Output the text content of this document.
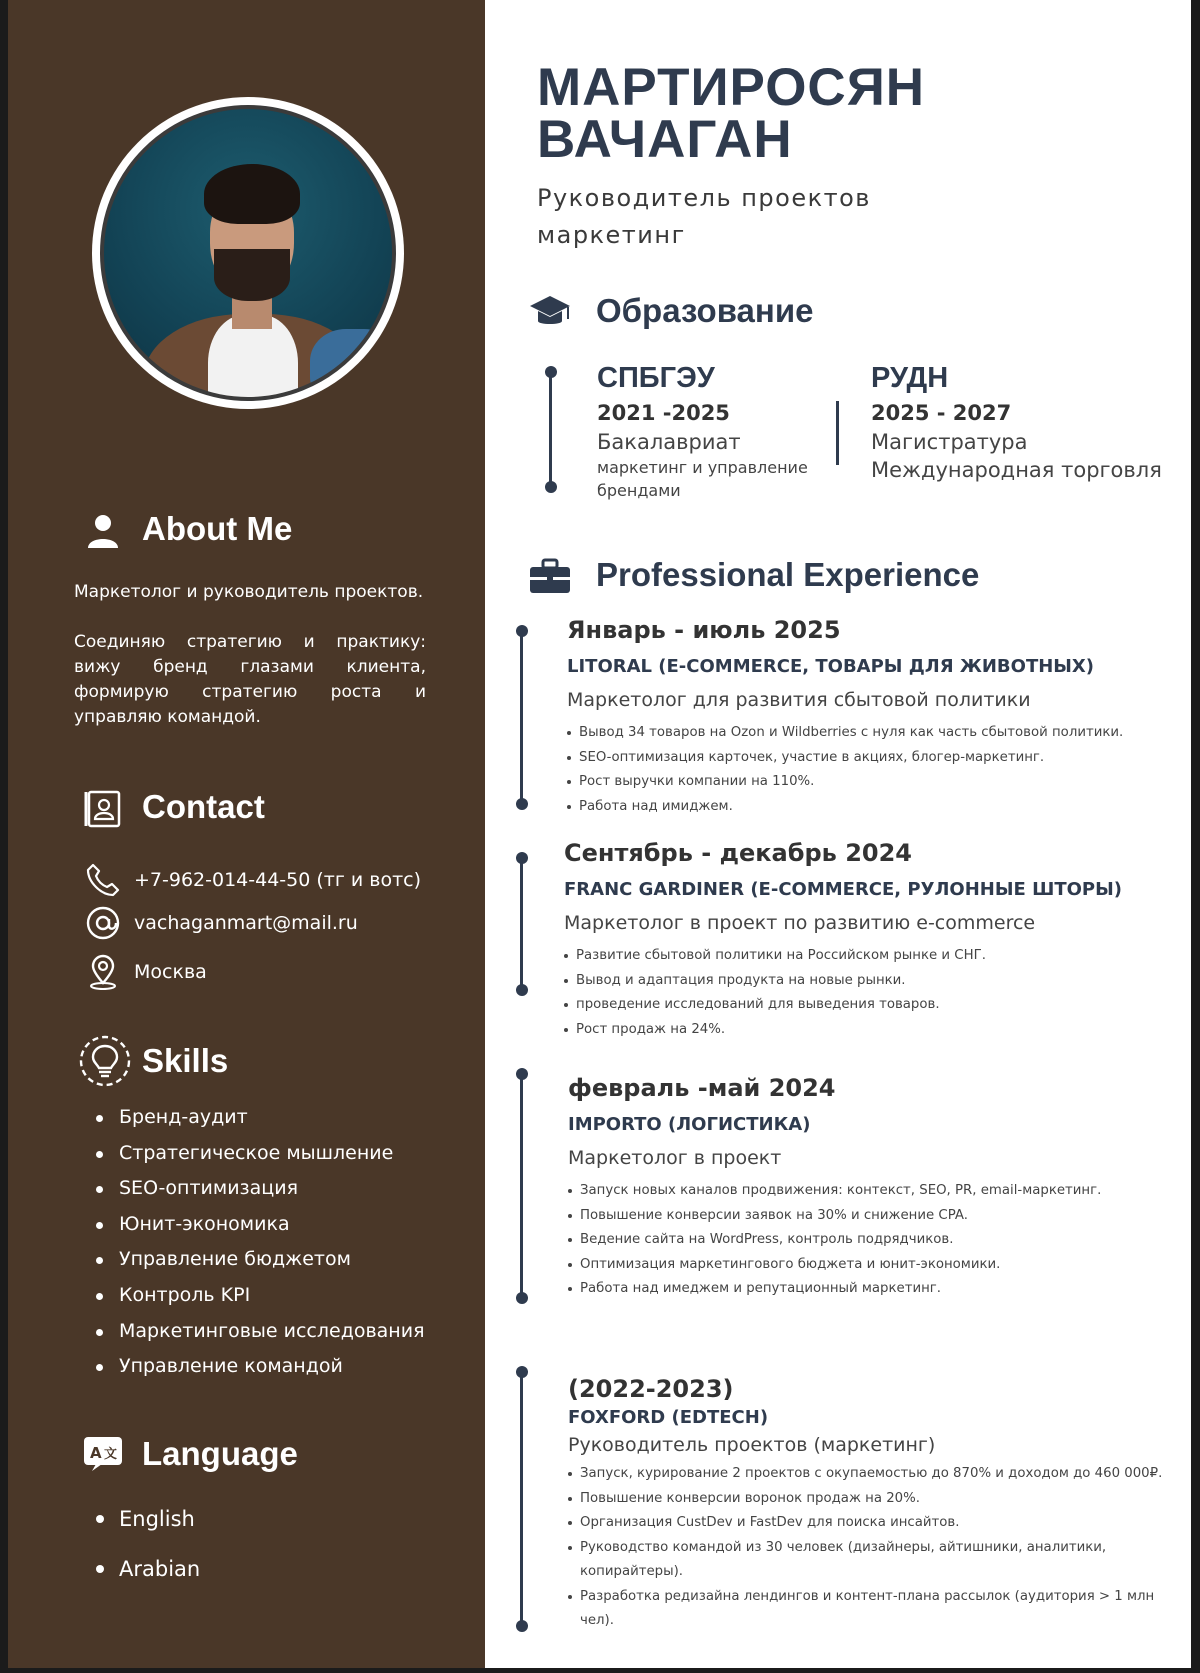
About Me

Маркетолог и руководитель проектов.

Соединяю стратегию и практику: вижу бренд глазами клиента, формирую стратегию роста и управляю командой.

Contact
+7-962-014-44-50 (тг и вотс)
vachaganmart@mail.ru
Москва
Skills
Бренд-аудит
Стратегическое мышление
SEO-оптимизация
Юнит-экономика
Управление бюджетом
Контроль KPI
Маркетинговые исследования
Управление командой
A 文 Language
English
Arabian
МАРТИРОСЯН
ВАЧАГАН
Руководитель проектов
маркетинг
Образование
СПБГЭУ
2021 -2025
Бакалавриат
маркетинг и управление брендами
РУДН
2025 - 2027
Магистратура
Международная торговля
Professional Experience
Январь - июль 2025
LITORAL (E-COMMERCE, ТОВАРЫ ДЛЯ ЖИВОТНЫХ)
Маркетолог для развития сбытовой политики
Вывод 34 товаров на Ozon и Wildberries с нуля как часть сбытовой политики.
SEO-оптимизация карточек, участие в акциях, блогер-маркетинг.
Рост выручки компании на 110%.
Работа над имиджем.
Сентябрь - декабрь 2024
FRANC GARDINER (E-COMMERCE, РУЛОННЫЕ ШТОРЫ)
Маркетолог в проект по развитию e-commerce
Развитие сбытовой политики на Российском рынке и СНГ.
Вывод и адаптация продукта на новые рынки.
проведение исследований для выведения товаров.
Рост продаж на 24%.
февраль -май 2024
IMPORTO (ЛОГИСТИКА)
Маркетолог в проект
Запуск новых каналов продвижения: контекст, SEO, PR, email-маркетинг.
Повышение конверсии заявок на 30% и снижение CPA.
Ведение сайта на WordPress, контроль подрядчиков.
Оптимизация маркетингового бюджета и юнит-экономики.
Работа над имеджем и репутационный маркетинг.
(2022-2023)
FOXFORD (EDTECH)
Руководитель проектов (маркетинг)
Запуск, курирование 2 проектов с окупаемостью до 870% и доходом до 460 000₽.
Повышение конверсии воронок продаж на 20%.
Организация CustDev и FastDev для поиска инсайтов.
Руководство командой из 30 человек (дизайнеры, айтишники, аналитики, копирайтеры).
Разработка редизайна лендингов и контент-плана рассылок (аудитория > 1 млн чел).
